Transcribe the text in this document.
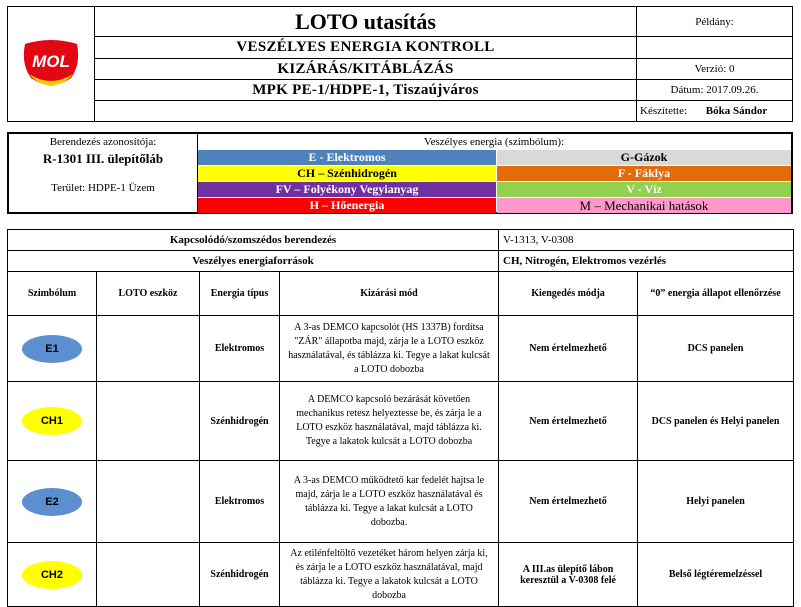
MOL	LOTO utasítás	Példány:
	VESZÉLYES ENERGIA KONTROLL	
	KIZÁRÁS/KITÁBLÁZÁS	Verzió: 0
	MPK PE-1/HDPE-1, Tiszaújváros	Dátum: 2017.09.26.
		Készítette: Bóka Sándor
Berendezés azonosítója:
R-1301 III. ülepítőláb
Terület: HDPE-1 Üzem
Veszélyes energia (szimbólum):
E - Elektromos	G-Gázok
CH – Szénhidrogén	F - Fáklya
FV – Folyékony Vegyianyag	V - Víz
H – Hőenergia	M – Mechanikai hatások
Kapcsolódó/szomszédos berendezés				V-1313, V-0308	
Veszélyes energiaforrások				CH, Nitrogén, Elektromos vezérlés	
Szimbólum	LOTO eszköz	Energia típus	Kizárási mód	Kiengedés módja	“0” energia állapot ellenőrzése
E1		Elektromos	A 3-as DEMCO kapcsolót (HS 1337B) fordítsa "ZÁR" állapotba majd, zárja le a LOTO eszköz használatával, és táblázza ki. Tegye a lakat kulcsát a LOTO dobozba	Nem értelmezhető	DCS panelen
CH1		Szénhidrogén	A DEMCO kapcsoló bezárását követően mechanikus retesz helyeztesse be, és zárja le a LOTO eszköz használatával, majd táblázza ki. Tegye a lakatok kulcsát a LOTO dobozba	Nem értelmezhető	DCS panelen és Helyi panelen
E2		Elektromos	A 3-as DEMCO működtető kar fedelét hajtsa le majd, zárja le a LOTO eszköz használatával és táblázza ki. Tegye a lakat kulcsát a LOTO dobozba.	Nem értelmezhető	Helyi panelen
CH2		Szénhidrogén	Az etilénfeltöltő vezetéket három helyen zárja ki, és zárja le a LOTO eszköz használatával, majd táblázza ki. Tegye a lakatok kulcsát a LOTO dobozba	A III.as ülepítő lábon keresztül a V-0308 felé	Belső légtéremelzéssel
